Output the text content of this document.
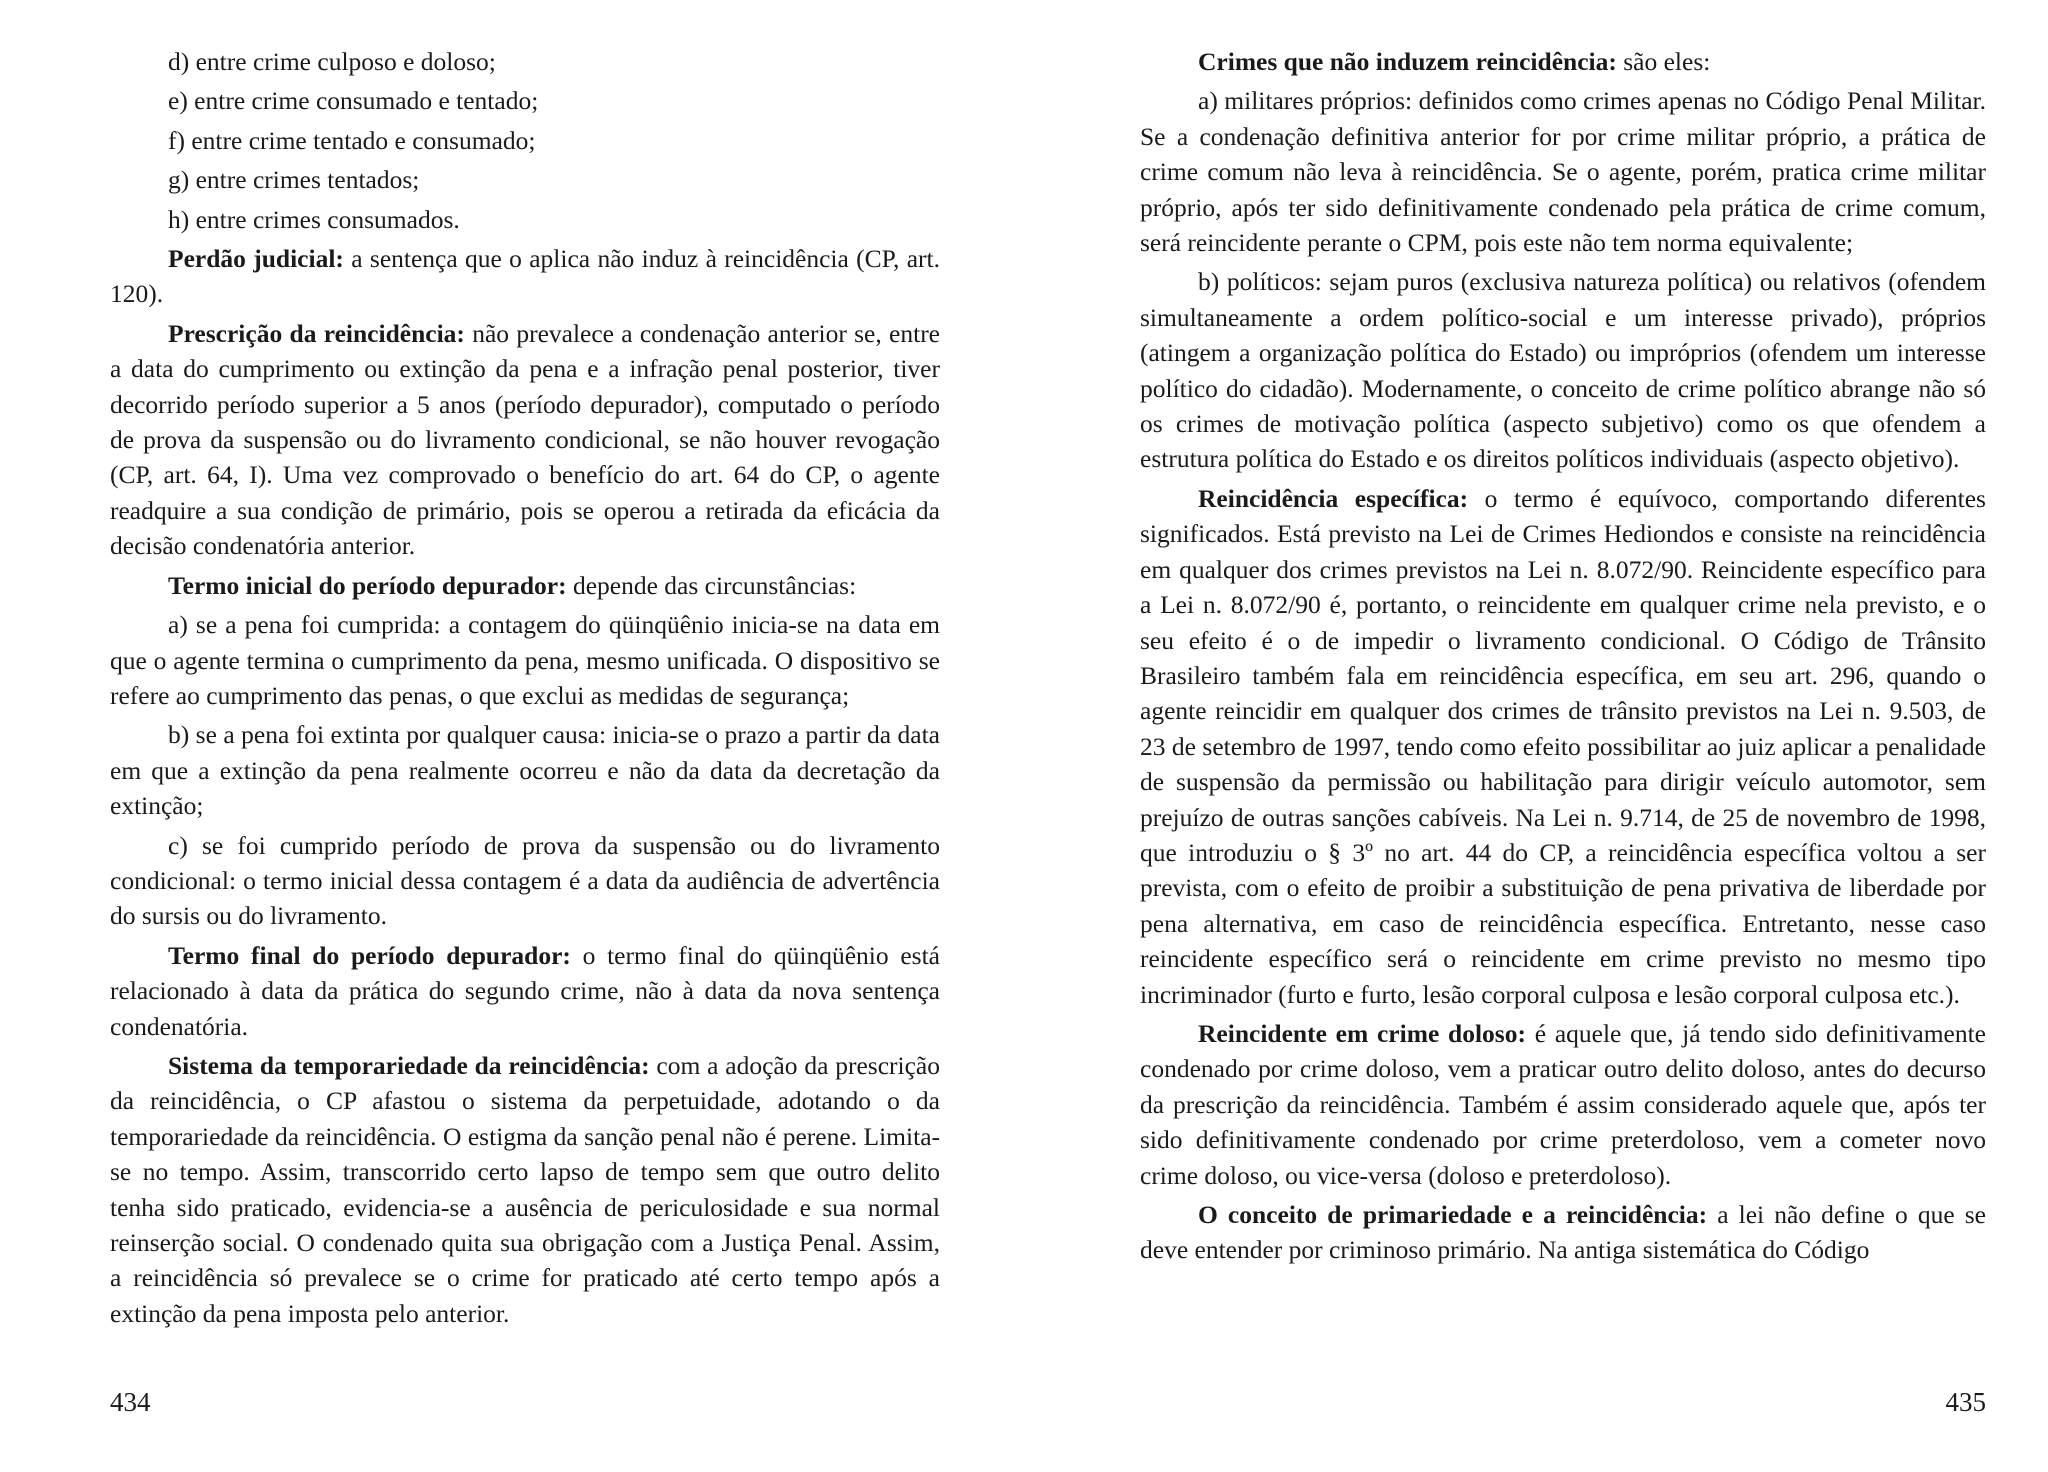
d) entre crime culposo e doloso;

e) entre crime consumado e tentado;

f) entre crime tentado e consumado;

g) entre crimes tentados;

h) entre crimes consumados.

Perdão judicial: a sentença que o aplica não induz à reincidência (CP, art. 120).

Prescrição da reincidência: não prevalece a condenação anterior se, entre a data do cumprimento ou extinção da pena e a infração penal posterior, tiver decorrido período superior a 5 anos (período depurador), computado o período de prova da suspensão ou do livramento condicional, se não houver revogação (CP, art. 64, I). Uma vez comprovado o benefício do art. 64 do CP, o agente readquire a sua condição de primário, pois se operou a retirada da eficácia da decisão condenatória anterior.

Termo inicial do período depurador: depende das circunstâncias:

a) se a pena foi cumprida: a contagem do qüinqüênio inicia-se na data em que o agente termina o cumprimento da pena, mesmo unificada. O dispositivo se refere ao cumprimento das penas, o que exclui as medidas de segurança;

b) se a pena foi extinta por qualquer causa: inicia-se o prazo a partir da data em que a extinção da pena realmente ocorreu e não da data da decretação da extinção;

c) se foi cumprido período de prova da suspensão ou do livramento condicional: o termo inicial dessa contagem é a data da audiência de advertência do sursis ou do livramento.

Termo final do período depurador: o termo final do qüinqüênio está relacionado à data da prática do segundo crime, não à data da nova sentença condenatória.

Sistema da temporariedade da reincidência: com a adoção da prescrição da reincidência, o CP afastou o sistema da perpetuidade, adotando o da temporariedade da reincidência. O estigma da sanção penal não é perene. Limita-se no tempo. Assim, transcorrido certo lapso de tempo sem que outro delito tenha sido praticado, evidencia-se a ausência de periculosidade e sua normal reinserção social. O condenado quita sua obrigação com a Justiça Penal. Assim, a reincidência só prevalece se o crime for praticado até certo tempo após a extinção da pena imposta pelo anterior.

434

Crimes que não induzem reincidência: são eles:

a) militares próprios: definidos como crimes apenas no Código Penal Militar. Se a condenação definitiva anterior for por crime militar próprio, a prática de crime comum não leva à reincidência. Se o agente, porém, pratica crime militar próprio, após ter sido definitivamente condenado pela prática de crime comum, será reincidente perante o CPM, pois este não tem norma equivalente;

b) políticos: sejam puros (exclusiva natureza política) ou relativos (ofendem simultaneamente a ordem político-social e um interesse privado), próprios (atingem a organização política do Estado) ou impróprios (ofendem um interesse político do cidadão). Modernamente, o conceito de crime político abrange não só os crimes de motivação política (aspecto subjetivo) como os que ofendem a estrutura política do Estado e os direitos políticos individuais (aspecto objetivo).

Reincidência específica: o termo é equívoco, comportando diferentes significados. Está previsto na Lei de Crimes Hediondos e consiste na reincidência em qualquer dos crimes previstos na Lei n. 8.072/90. Reincidente específico para a Lei n. 8.072/90 é, portanto, o reincidente em qualquer crime nela previsto, e o seu efeito é o de impedir o livramento condicional. O Código de Trânsito Brasileiro também fala em reincidência específica, em seu art. 296, quando o agente reincidir em qualquer dos crimes de trânsito previstos na Lei n. 9.503, de 23 de setembro de 1997, tendo como efeito possibilitar ao juiz aplicar a penalidade de suspensão da permissão ou habilitação para dirigir veículo automotor, sem prejuízo de outras sanções cabíveis. Na Lei n. 9.714, de 25 de novembro de 1998, que introduziu o § 3º no art. 44 do CP, a reincidência específica voltou a ser prevista, com o efeito de proibir a substituição de pena privativa de liberdade por pena alternativa, em caso de reincidência específica. Entretanto, nesse caso reincidente específico será o reincidente em crime previsto no mesmo tipo incriminador (furto e furto, lesão corporal culposa e lesão corporal culposa etc.).

Reincidente em crime doloso: é aquele que, já tendo sido definitivamente condenado por crime doloso, vem a praticar outro delito doloso, antes do decurso da prescrição da reincidência. Também é assim considerado aquele que, após ter sido definitivamente condenado por crime preterdoloso, vem a cometer novo crime doloso, ou vice-versa (doloso e preterdoloso).

O conceito de primariedade e a reincidência: a lei não define o que se deve entender por criminoso primário. Na antiga sistemática do Código

435
